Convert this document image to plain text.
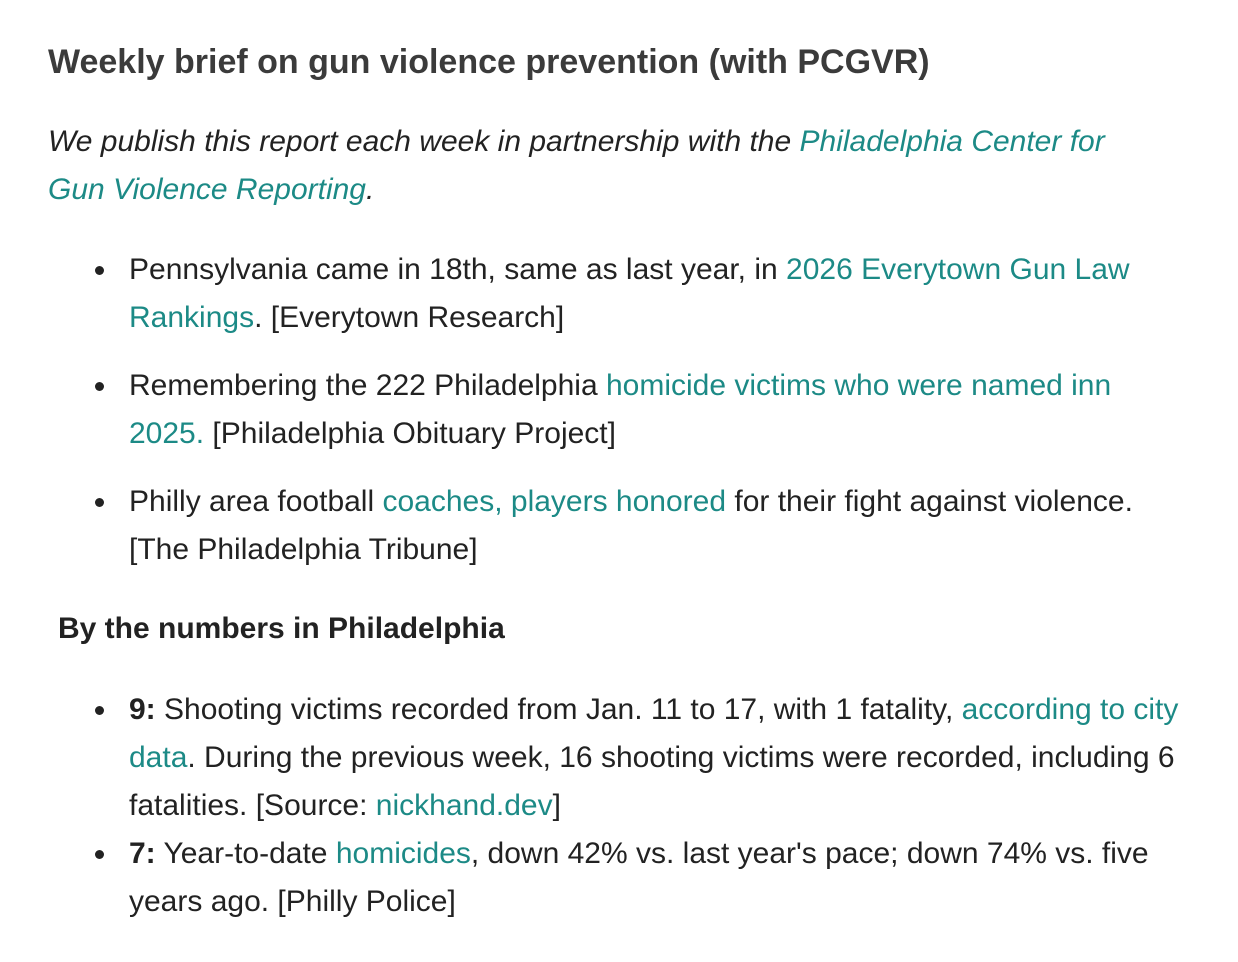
Weekly brief on gun violence prevention (with PCGVR)

We publish this report each week in partnership with the Philadelphia Center for Gun Violence Reporting.

Pennsylvania came in 18th, same as last year, in 2026 Everytown Gun Law Rankings. [Everytown Research]
Remembering the 222 Philadelphia homicide victims who were named inn 2025. [Philadelphia Obituary Project]
Philly area football coaches, players honored for their fight against violence. [The Philadelphia Tribune]
By the numbers in Philadelphia
9: Shooting victims recorded from Jan. 11 to 17, with 1 fatality, according to city data. During the previous week, 16 shooting victims were recorded, including 6 fatalities. [Source: nickhand.dev]
7: Year-to-date homicides, down 42% vs. last year's pace; down 74% vs. five years ago. [Philly Police]
